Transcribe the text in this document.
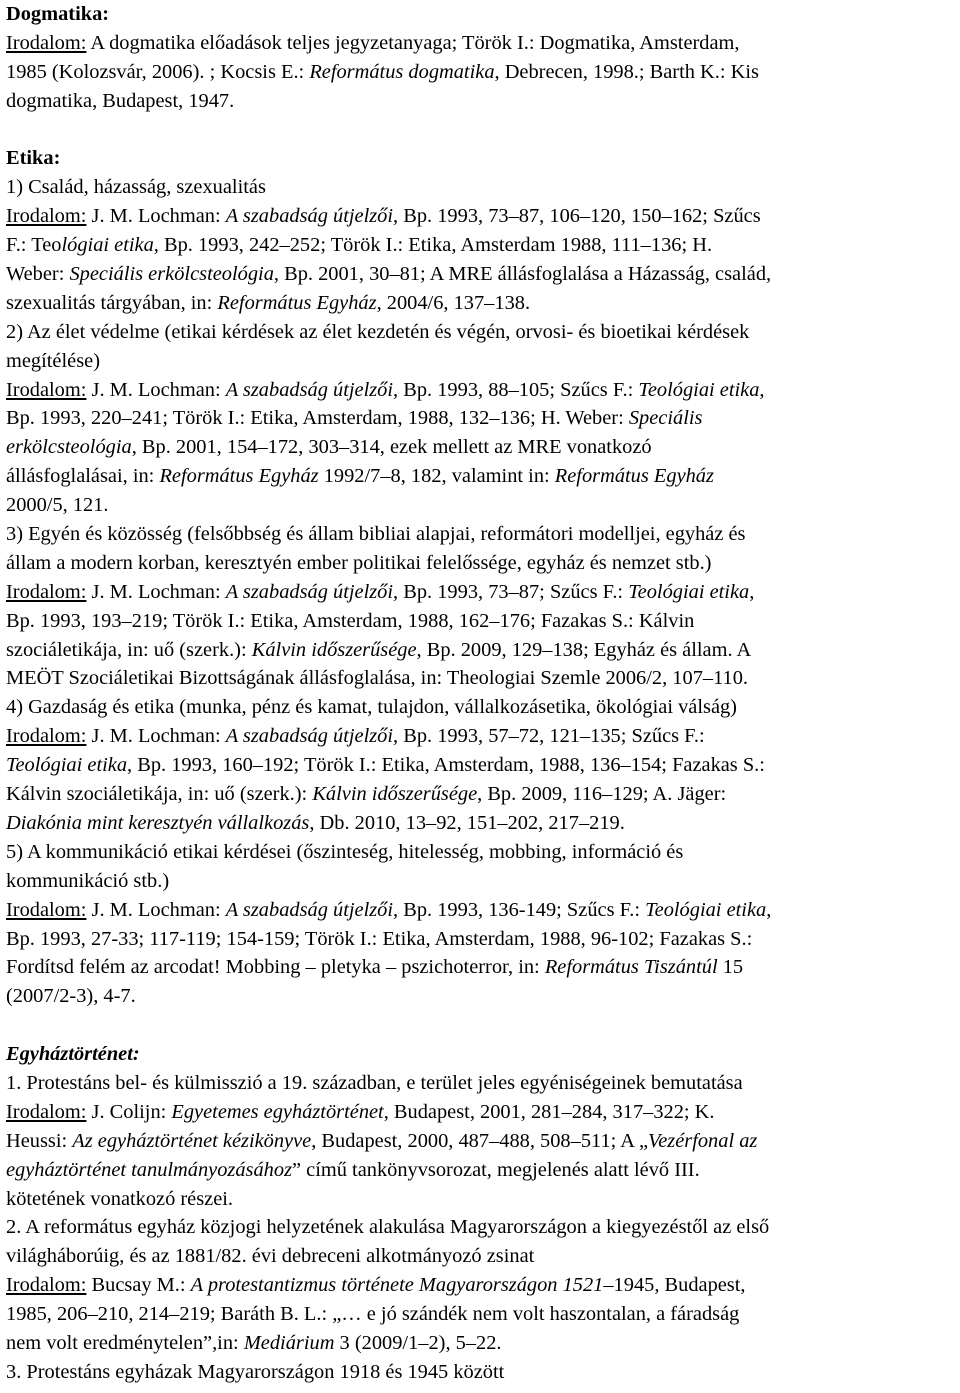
Dogmatika:
Irodalom: A dogmatika előadások teljes jegyzetanyaga; Török I.: Dogmatika, Amsterdam,
1985 (Kolozsvár, 2006). ; Kocsis E.: Református dogmatika, Debrecen, 1998.; Barth K.: Kis
dogmatika, Budapest, 1947.
Etika:
1) Család, házasság, szexualitás
Irodalom: J. M. Lochman: A szabadság útjelzői, Bp. 1993, 73–87, 106–120, 150–162; Szűcs
F.: Teológiai etika, Bp. 1993, 242–252; Török I.: Etika, Amsterdam 1988, 111–136; H.
Weber: Speciális erkölcsteológia, Bp. 2001, 30–81; A MRE állásfoglalása a Házasság, család,
szexualitás tárgyában, in: Református Egyház, 2004/6, 137–138.
2) Az élet védelme (etikai kérdések az élet kezdetén és végén, orvosi- és bioetikai kérdések
megítélése)
Irodalom: J. M. Lochman: A szabadság útjelzői, Bp. 1993, 88–105; Szűcs F.: Teológiai etika,
Bp. 1993, 220–241; Török I.: Etika, Amsterdam, 1988, 132–136; H. Weber: Speciális
erkölcsteológia, Bp. 2001, 154–172, 303–314, ezek mellett az MRE vonatkozó
állásfoglalásai, in: Református Egyház 1992/7–8, 182, valamint in: Református Egyház
2000/5, 121.
3) Egyén és közösség (felsőbbség és állam bibliai alapjai, reformátori modelljei, egyház és
állam a modern korban, keresztyén ember politikai felelőssége, egyház és nemzet stb.)
Irodalom: J. M. Lochman: A szabadság útjelzői, Bp. 1993, 73–87; Szűcs F.: Teológiai etika,
Bp. 1993, 193–219; Török I.: Etika, Amsterdam, 1988, 162–176; Fazakas S.: Kálvin
szociáletikája, in: uő (szerk.): Kálvin időszerűsége, Bp. 2009, 129–138; Egyház és állam. A
MEÖT Szociáletikai Bizottságának állásfoglalása, in: Theologiai Szemle 2006/2, 107–110.
4) Gazdaság és etika (munka, pénz és kamat, tulajdon, vállalkozásetika, ökológiai válság)
Irodalom: J. M. Lochman: A szabadság útjelzői, Bp. 1993, 57–72, 121–135; Szűcs F.:
Teológiai etika, Bp. 1993, 160–192; Török I.: Etika, Amsterdam, 1988, 136–154; Fazakas S.:
Kálvin szociáletikája, in: uő (szerk.): Kálvin időszerűsége, Bp. 2009, 116–129; A. Jäger:
Diakónia mint keresztyén vállalkozás, Db. 2010, 13–92, 151–202, 217–219.
5) A kommunikáció etikai kérdései (őszinteség, hitelesség, mobbing, információ és
kommunikáció stb.)
Irodalom: J. M. Lochman: A szabadság útjelzői, Bp. 1993, 136-149; Szűcs F.: Teológiai etika,
Bp. 1993, 27-33; 117-119; 154-159; Török I.: Etika, Amsterdam, 1988, 96-102; Fazakas S.:
Fordítsd felém az arcodat! Mobbing – pletyka – pszichoterror, in: Református Tiszántúl 15
(2007/2-3), 4-7.
Egyháztörténet:
1. Protestáns bel- és külmisszió a 19. században, e terület jeles egyéniségeinek bemutatása
Irodalom: J. Colijn: Egyetemes egyháztörténet, Budapest, 2001, 281–284, 317–322; K.
Heussi: Az egyháztörténet kézikönyve, Budapest, 2000, 487–488, 508–511; A „Vezérfonal az
egyháztörténet tanulmányozásához” című tankönyvsorozat, megjelenés alatt lévő III.
kötetének vonatkozó részei.
2. A református egyház közjogi helyzetének alakulása Magyarországon a kiegyezéstől az első
világháborúig, és az 1881/82. évi debreceni alkotmányozó zsinat
Irodalom: Bucsay M.: A protestantizmus története Magyarországon 1521–1945, Budapest,
1985, 206–210, 214–219; Baráth B. L.: „… e jó szándék nem volt haszontalan, a fáradság
nem volt eredménytelen”,in: Mediárium 3 (2009/1–2), 5–22.
3. Protestáns egyházak Magyarországon 1918 és 1945 között
